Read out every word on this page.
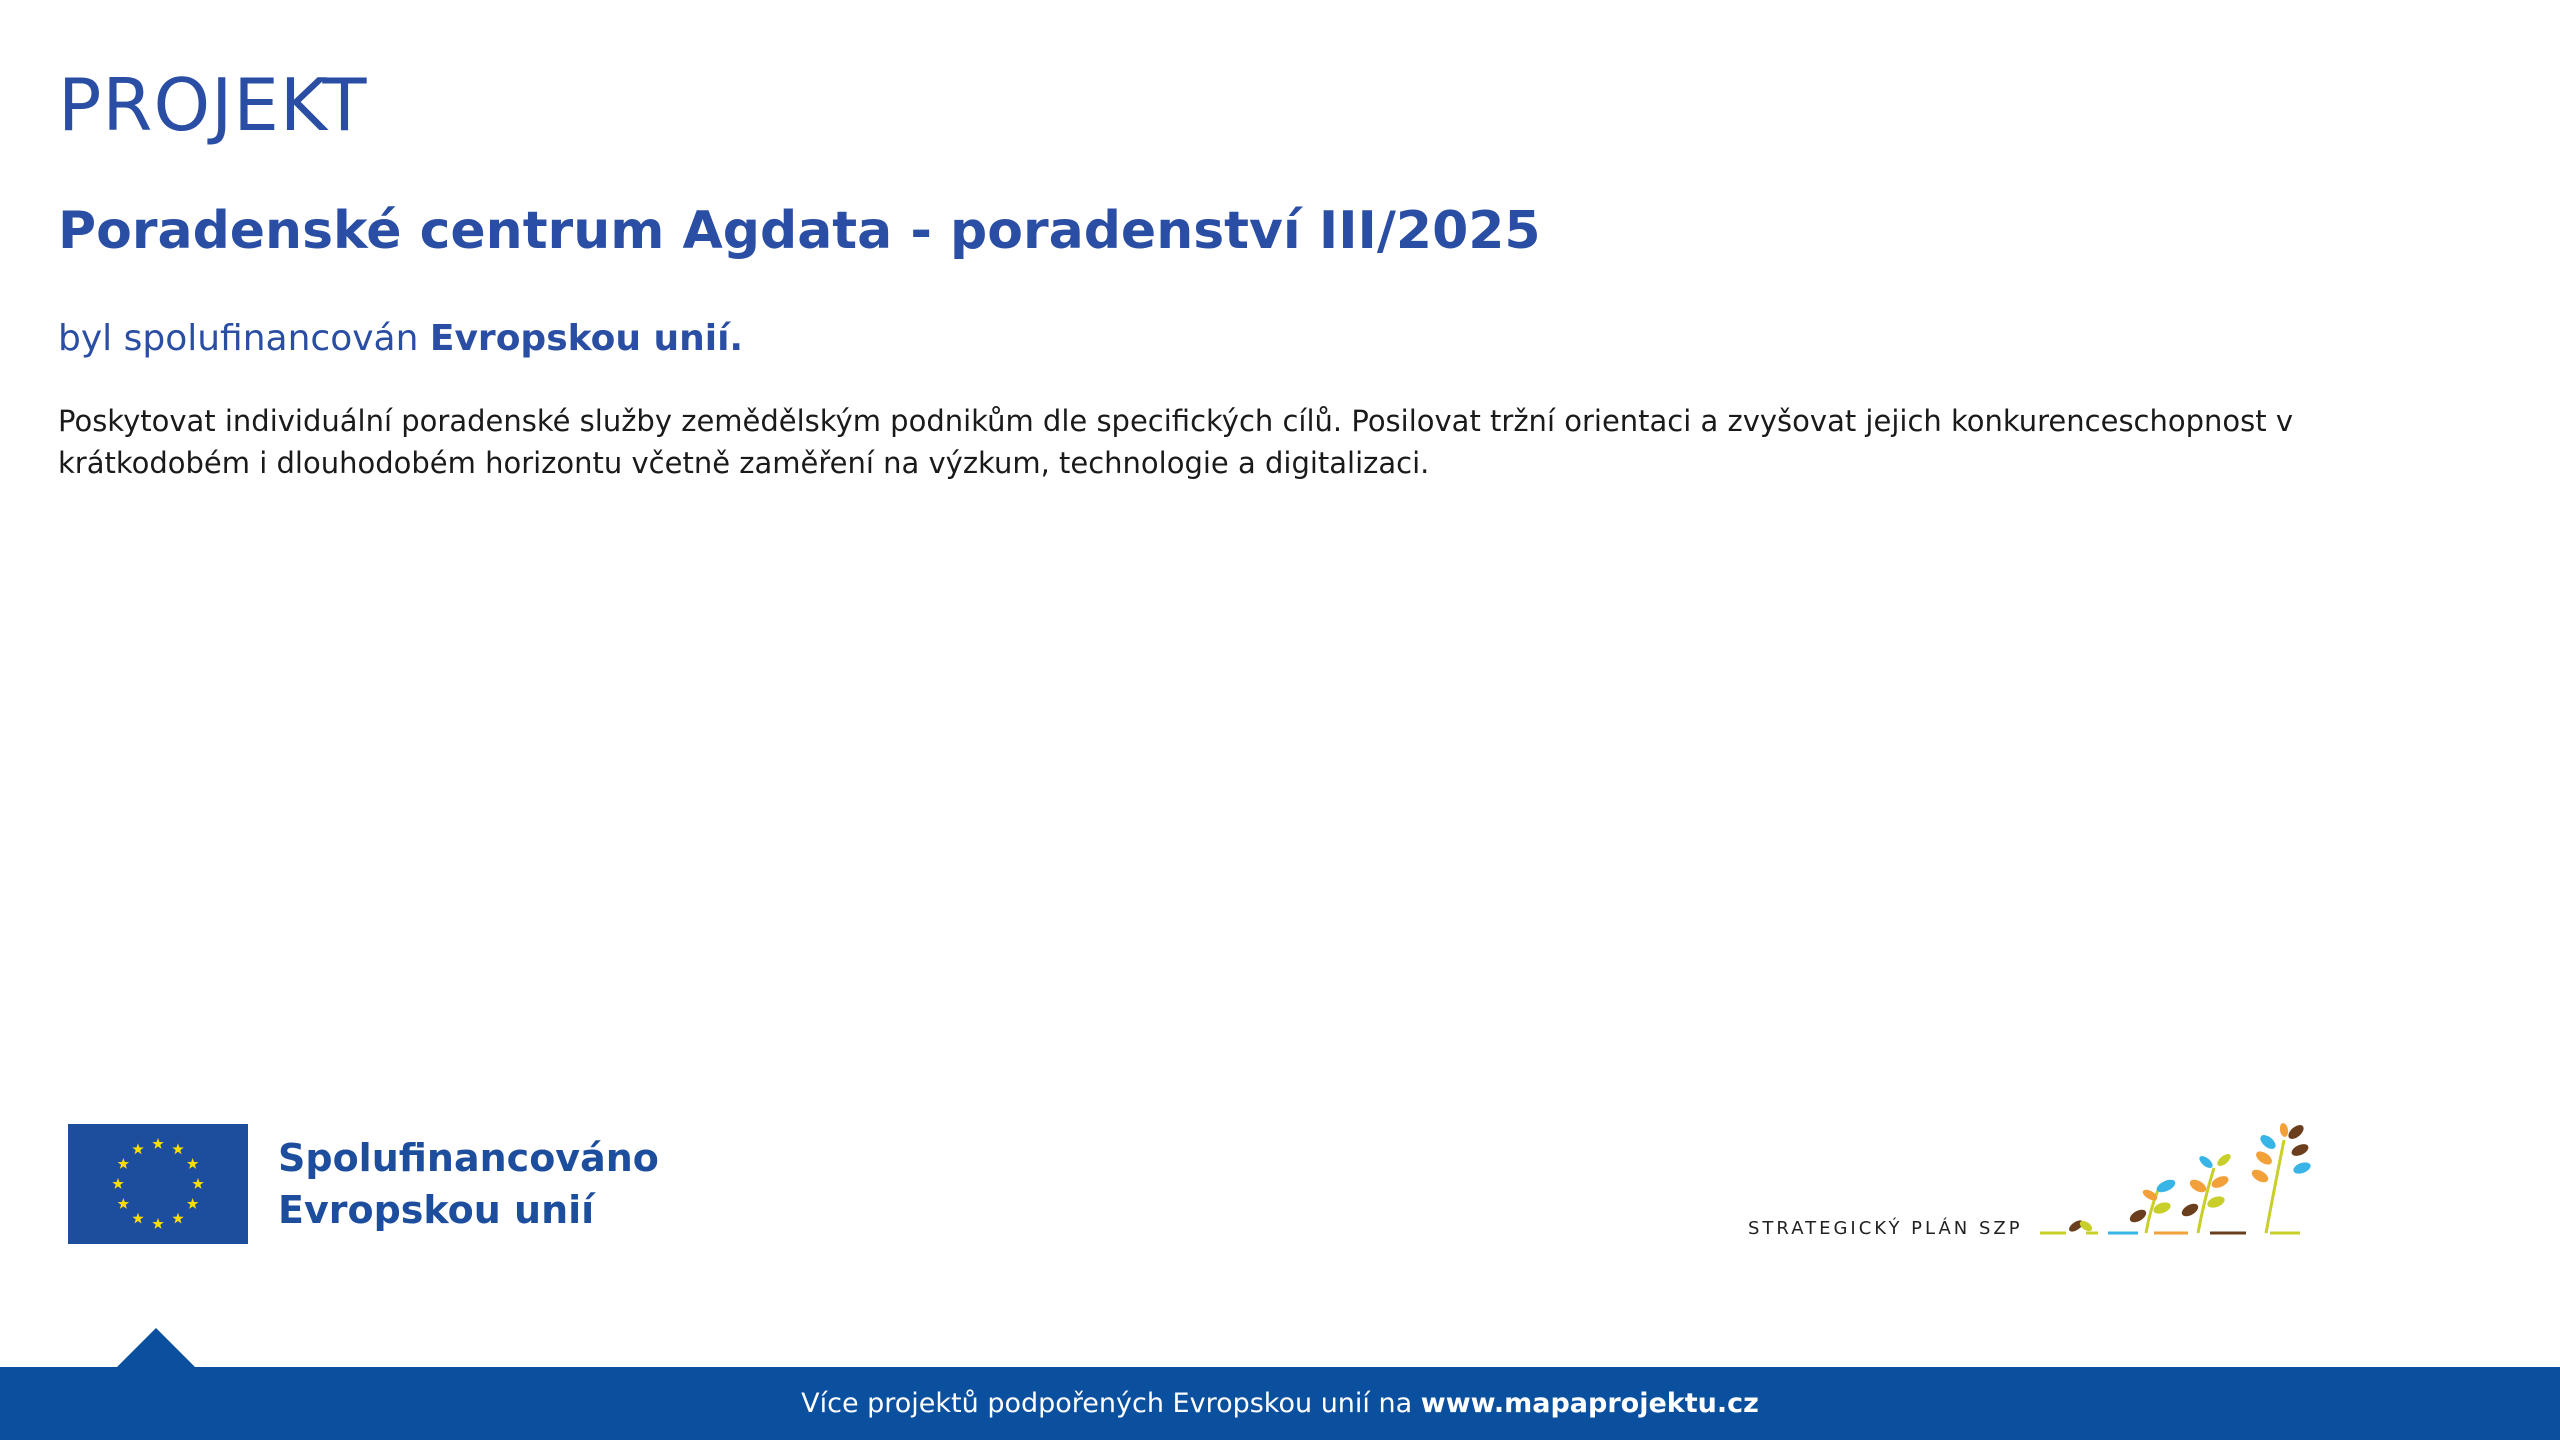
PROJEKT
Poradenské centrum Agdata - poradenství III/2025

byl spolufinancován Evropskou unií.

Poskytovat individuální poradenské služby zemědělským podnikům dle specifických cílů. Posilovat tržní orientaci a zvyšovat jejich konkurenceschopnost v krátkodobém i dlouhodobém horizontu včetně zaměření na výzkum, technologie a digitalizaci.

Spolufinancováno
Evropskou unií	STRATEGICKÝ PLÁN SZP
Více projektů podpořených Evropskou unií na www.mapaprojektu.cz
